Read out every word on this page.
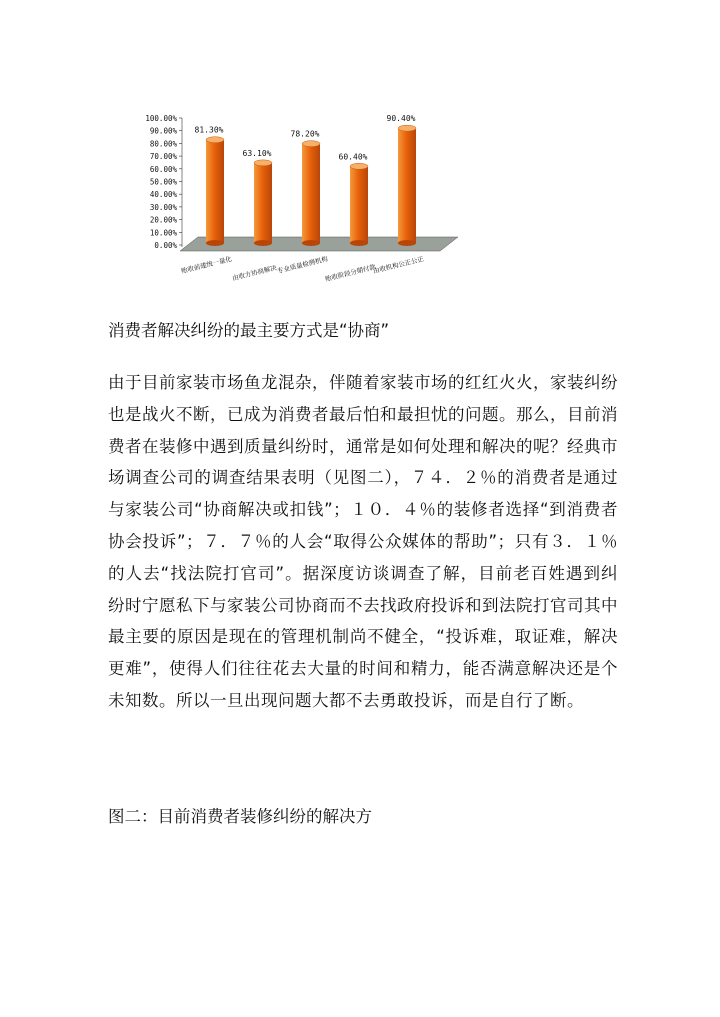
100.00%
90.00%
80.00%
70.00%
60.00%
50.00%
40.00%
30.00%
20.00%
10.00%
0.00%
81.30%
63.10%
78.20%
60.40%
90.40%
贻收前建统一量化
由收方协商解决
专业质量检测机构
贻收阶段分期付款
由收机构公正公正
消费者解决纠纷的最主要方式是“协商”
由于目前家装市场鱼龙混杂，伴随着家装市场的红红火火，家装纠纷也是战火不断，已成为消费者最后怕和最担忧的问题。那么，目前消费者在装修中遇到质量纠纷时，通常是如何处理和解决的呢？经典市场调查公司的调查结果表明（见图二），７４．２％的消费者是通过与家装公司“协商解决或扣钱”；１０．４％的装修者选择“到消费者协会投诉”；７．７％的人会“取得公众媒体的帮助”；只有３．１％的人去“找法院打官司”。据深度访谈调查了解，目前老百姓遇到纠纷时宁愿私下与家装公司协商而不去找政府投诉和到法院打官司其中最主要的原因是现在的管理机制尚不健全，“投诉难，取证难，解决更难”，使得人们往往花去大量的时间和精力，能否满意解决还是个未知数。所以一旦出现问题大都不去勇敢投诉，而是自行了断。
图二：目前消费者装修纠纷的解决方
